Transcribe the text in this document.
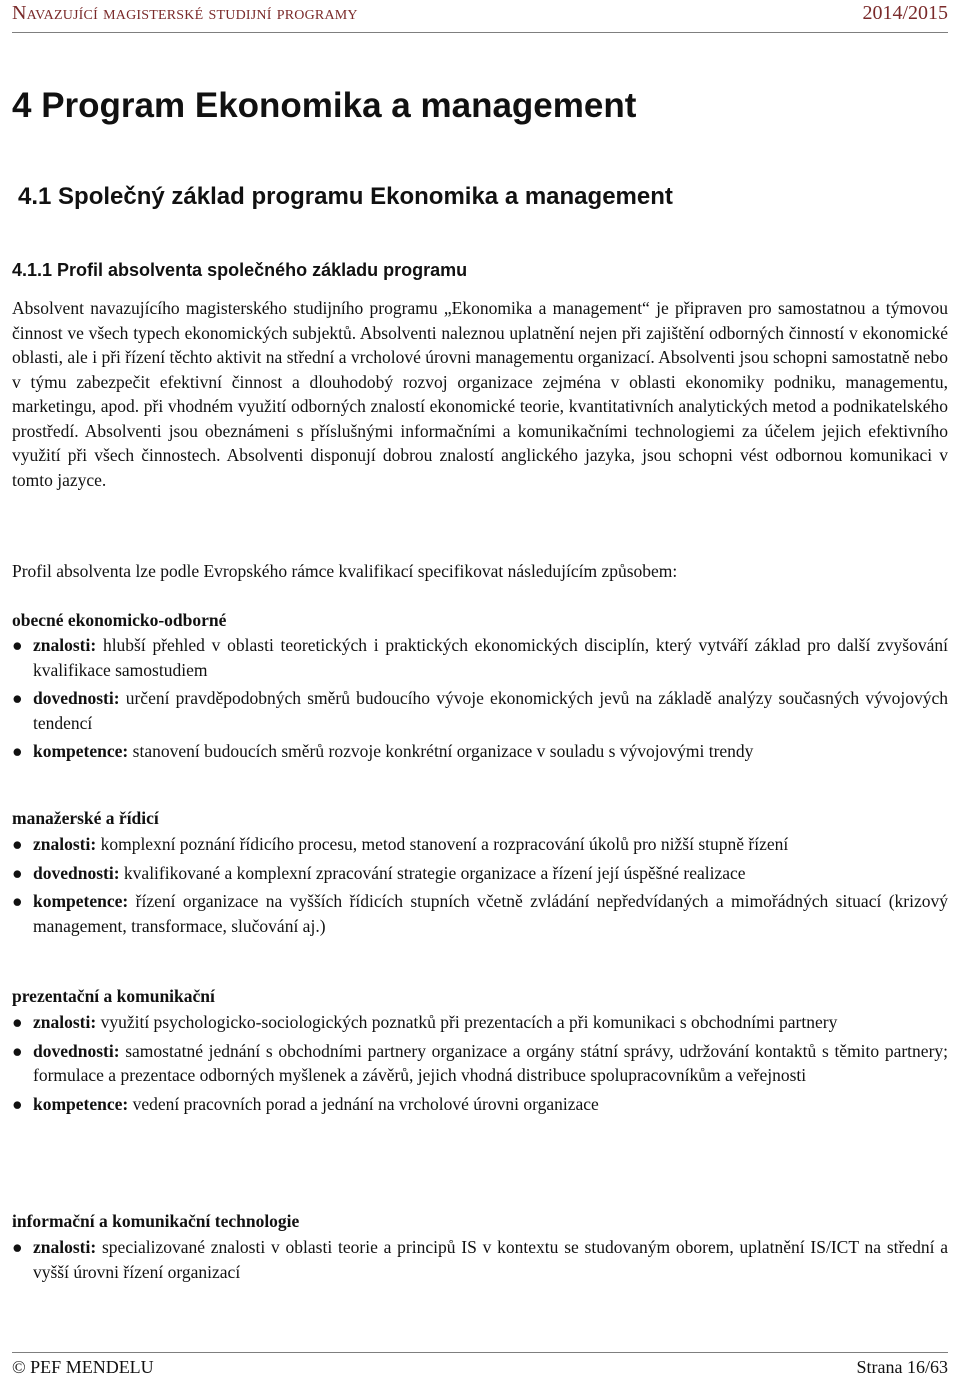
Navazující magisterské studijní programy	2014/2015
4 Program Ekonomika a management
4.1 Společný základ programu Ekonomika a management
4.1.1 Profil absolventa společného základu programu
Absolvent navazujícího magisterského studijního programu „Ekonomika a management“ je připraven pro samostatnou a týmovou činnost ve všech typech ekonomických subjektů. Absolventi naleznou uplatnění nejen při zajištění odborných činností v ekonomické oblasti, ale i při řízení těchto aktivit na střední a vrcholové úrovni managementu organizací. Absolventi jsou schopni samostatně nebo v týmu zabezpečit efektivní činnost a dlouhodobý rozvoj organizace zejména v oblasti ekonomiky podniku, managementu, marketingu, apod. při vhodném využití odborných znalostí ekonomické teorie, kvantitativních analytických metod a podnikatelského prostředí. Absolventi jsou obeznámeni s příslušnými informačními a komunikačními technologiemi za účelem jejich efektivního využití při všech činnostech. Absolventi disponují dobrou znalostí anglického jazyka, jsou schopni vést odbornou komunikaci v tomto jazyce.
Profil absolventa lze podle Evropského rámce kvalifikací specifikovat následujícím způsobem:
obecné ekonomicko-odborné
● znalosti: hlubší přehled v oblasti teoretických i praktických ekonomických disciplín, který vytváří základ pro další zvyšování kvalifikace samostudiem
● dovednosti: určení pravděpodobných směrů budoucího vývoje ekonomických jevů na základě analýzy současných vývojových tendencí
● kompetence: stanovení budoucích směrů rozvoje konkrétní organizace v souladu s vývojovými trendy
manažerské a řídicí
● znalosti: komplexní poznání řídicího procesu, metod stanovení a rozpracování úkolů pro nižší stupně řízení
● dovednosti: kvalifikované a komplexní zpracování strategie organizace a řízení její úspěšné realizace
● kompetence: řízení organizace na vyšších řídicích stupních včetně zvládání nepředvídaných a mimořádných situací (krizový management, transformace, slučování aj.)
prezentační a komunikační
● znalosti: využití psychologicko-sociologických poznatků při prezentacích a při komunikaci s obchodními partnery
● dovednosti: samostatné jednání s obchodními partnery organizace a orgány státní správy, udržování kontaktů s těmito partnery; formulace a prezentace odborných myšlenek a závěrů, jejich vhodná distribuce spolupracovníkům a veřejnosti
● kompetence: vedení pracovních porad a jednání na vrcholové úrovni organizace
informační a komunikační technologie
● znalosti: specializované znalosti v oblasti teorie a principů IS v kontextu se studovaným oborem, uplatnění IS/ICT na střední a vyšší úrovni řízení organizací
© PEF MENDELU	Strana 16/63
